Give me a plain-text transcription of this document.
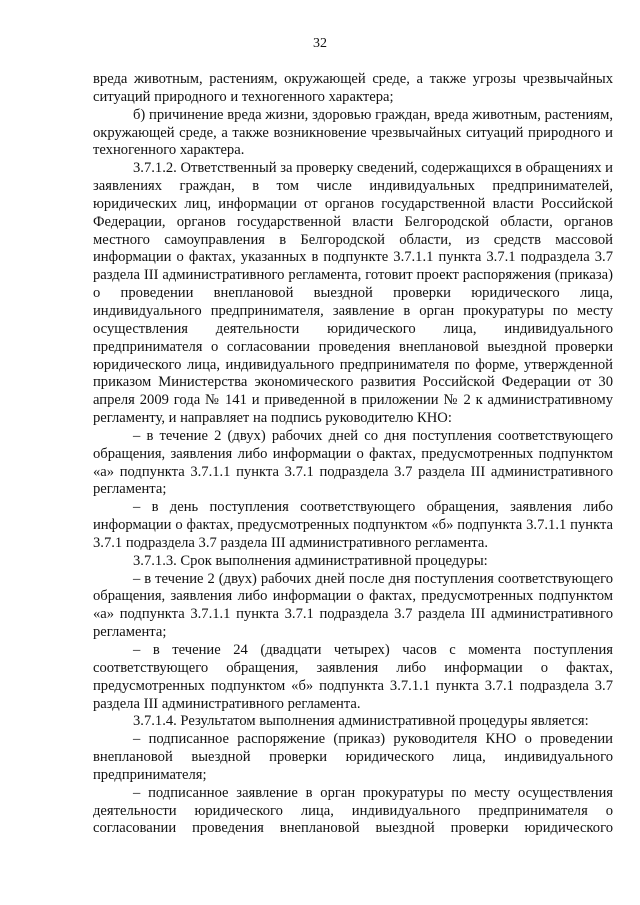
32

вреда животным, растениям, окружающей среде, а также угрозы чрезвычайных ситуаций природного и техногенного характера;

б) причинение вреда жизни, здоровью граждан, вреда животным, растениям, окружающей среде, а также возникновение чрезвычайных ситуаций природного и техногенного характера.

3.7.1.2. Ответственный за проверку сведений, содержащихся в обращениях и заявлениях граждан, в том числе индивидуальных предпринимателей, юридических лиц, информации от органов государственной власти Российской Федерации, органов государственной власти Белгородской области, органов местного самоуправления в Белгородской области, из средств массовой информации о фактах, указанных в подпункте 3.7.1.1 пункта 3.7.1 подраздела 3.7 раздела III административного регламента, готовит проект распоряжения (приказа) о проведении внеплановой выездной проверки юридического лица, индивидуального предпринимателя, заявление в орган прокуратуры по месту осуществления деятельности юридического лица, индивидуального предпринимателя о согласовании проведения внеплановой выездной проверки юридического лица, индивидуального предпринимателя по форме, утвержденной приказом Министерства экономического развития Российской Федерации от 30 апреля 2009 года № 141 и приведенной в приложении № 2 к административному регламенту, и направляет на подпись руководителю КНО:

– в течение 2 (двух) рабочих дней со дня поступления соответствующего обращения, заявления либо информации о фактах, предусмотренных подпунктом «а» подпункта 3.7.1.1 пункта 3.7.1 подраздела 3.7 раздела III административного регламента;

– в день поступления соответствующего обращения, заявления либо информации о фактах, предусмотренных подпунктом «б» подпункта 3.7.1.1 пункта 3.7.1 подраздела 3.7 раздела III административного регламента.

3.7.1.3. Срок выполнения административной процедуры:

– в течение 2 (двух) рабочих дней после дня поступления соответствующего обращения, заявления либо информации о фактах, предусмотренных подпунктом «а» подпункта 3.7.1.1 пункта 3.7.1 подраздела 3.7 раздела III административного регламента;

– в течение 24 (двадцати четырех) часов с момента поступления соответствующего обращения, заявления либо информации о фактах, предусмотренных подпунктом «б» подпункта 3.7.1.1 пункта 3.7.1 подраздела 3.7 раздела III административного регламента.

3.7.1.4. Результатом выполнения административной процедуры является:

– подписанное распоряжение (приказ) руководителя КНО о проведении внеплановой выездной проверки юридического лица, индивидуального предпринимателя;

– подписанное заявление в орган прокуратуры по месту осуществления деятельности юридического лица, индивидуального предпринимателя о согласовании проведения внеплановой выездной проверки юридического
